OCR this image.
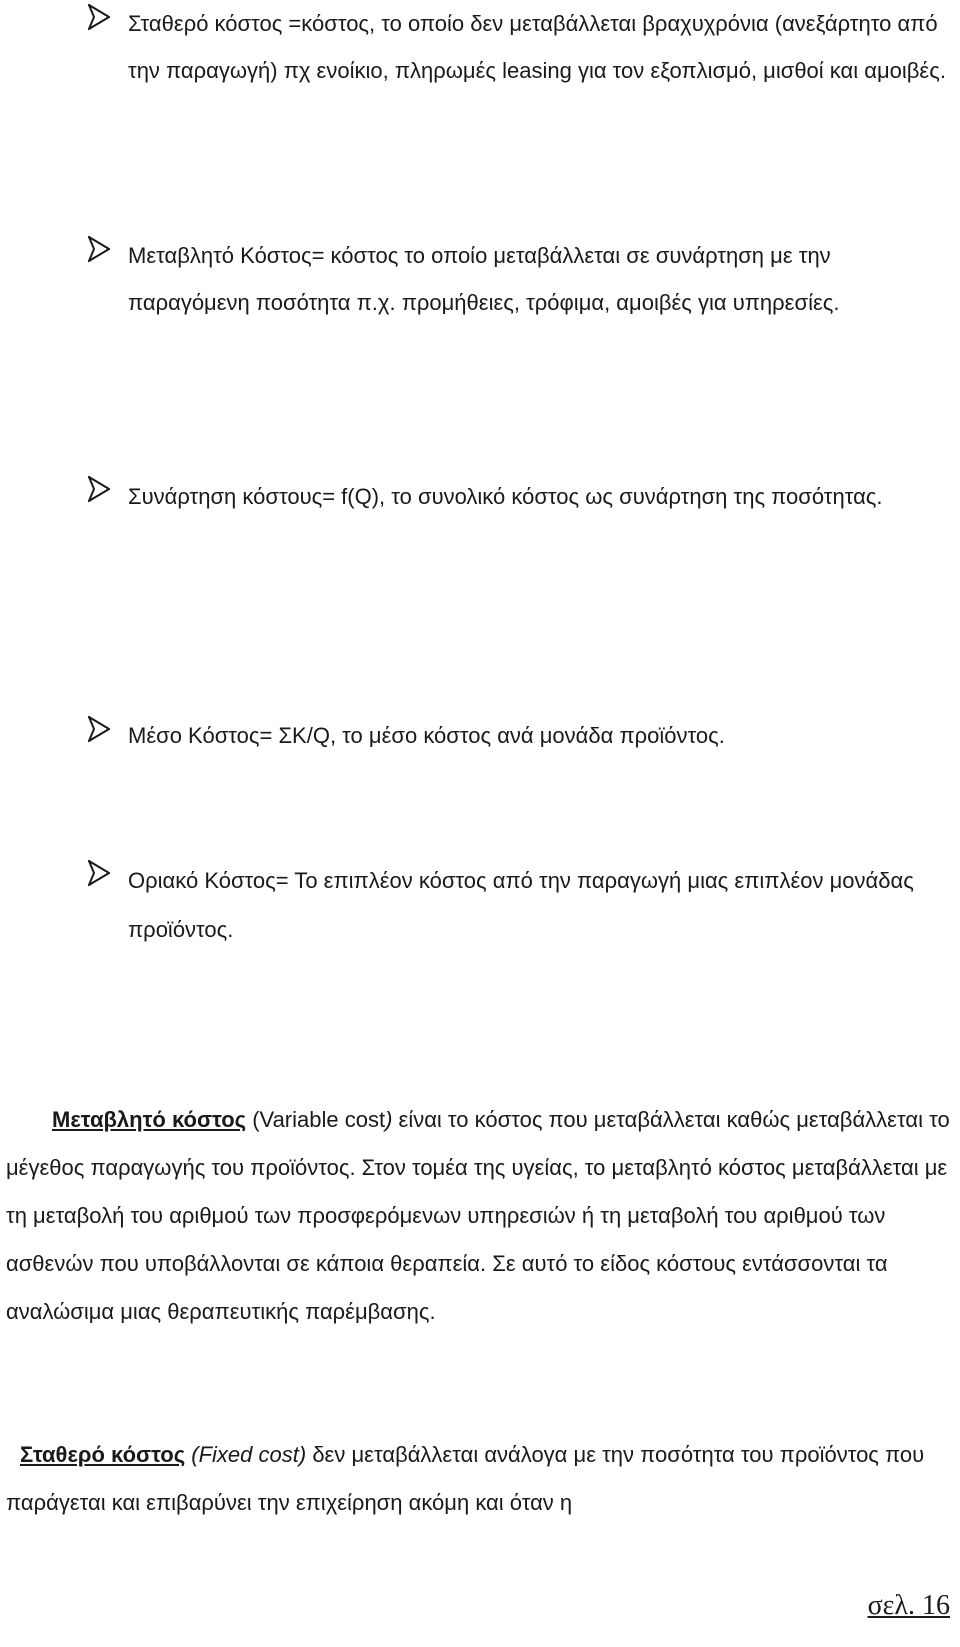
Σταθερό κόστος =κόστος, το οποίο δεν μεταβάλλεται βραχυχρόνια (ανεξάρτητο από την παραγωγή) πχ ενοίκιο, πληρωμές leasing για τον εξοπλισμό, μισθοί και αμοιβές.
Μεταβλητό Κόστος= κόστος το οποίο μεταβάλλεται σε συνάρτηση με την παραγόμενη ποσότητα π.χ. προμήθειες, τρόφιμα, αμοιβές για υπηρεσίες.
Συνάρτηση κόστους= f(Q), το συνολικό κόστος ως συνάρτηση της ποσότητας.
Μέσο Κόστος= ΣΚ/Q, το μέσο κόστος ανά μονάδα προϊόντος.
Οριακό Κόστος= Το επιπλέον κόστος από την παραγωγή μιας επιπλέον μονάδας προϊόντος.
Μεταβλητό κόστος (Variable cost) είναι το κόστος που μεταβάλλεται καθώς μεταβάλλεται το μέγεθος παραγωγής του προϊόντος. Στον τομέα της υγείας, το μεταβλητό κόστος μεταβάλλεται με τη μεταβολή του αριθμού των προσφερόμενων υπηρεσιών ή τη μεταβολή του αριθμού των ασθενών που υποβάλλονται σε κάποια θεραπεία. Σε αυτό το είδος κόστους εντάσσονται τα αναλώσιμα μιας θεραπευτικής παρέμβασης.
Σταθερό κόστος (Fixed cost) δεν μεταβάλλεται ανάλογα με την ποσότητα του προϊόντος που παράγεται και επιβαρύνει την επιχείρηση ακόμη και όταν η
σελ. 16
